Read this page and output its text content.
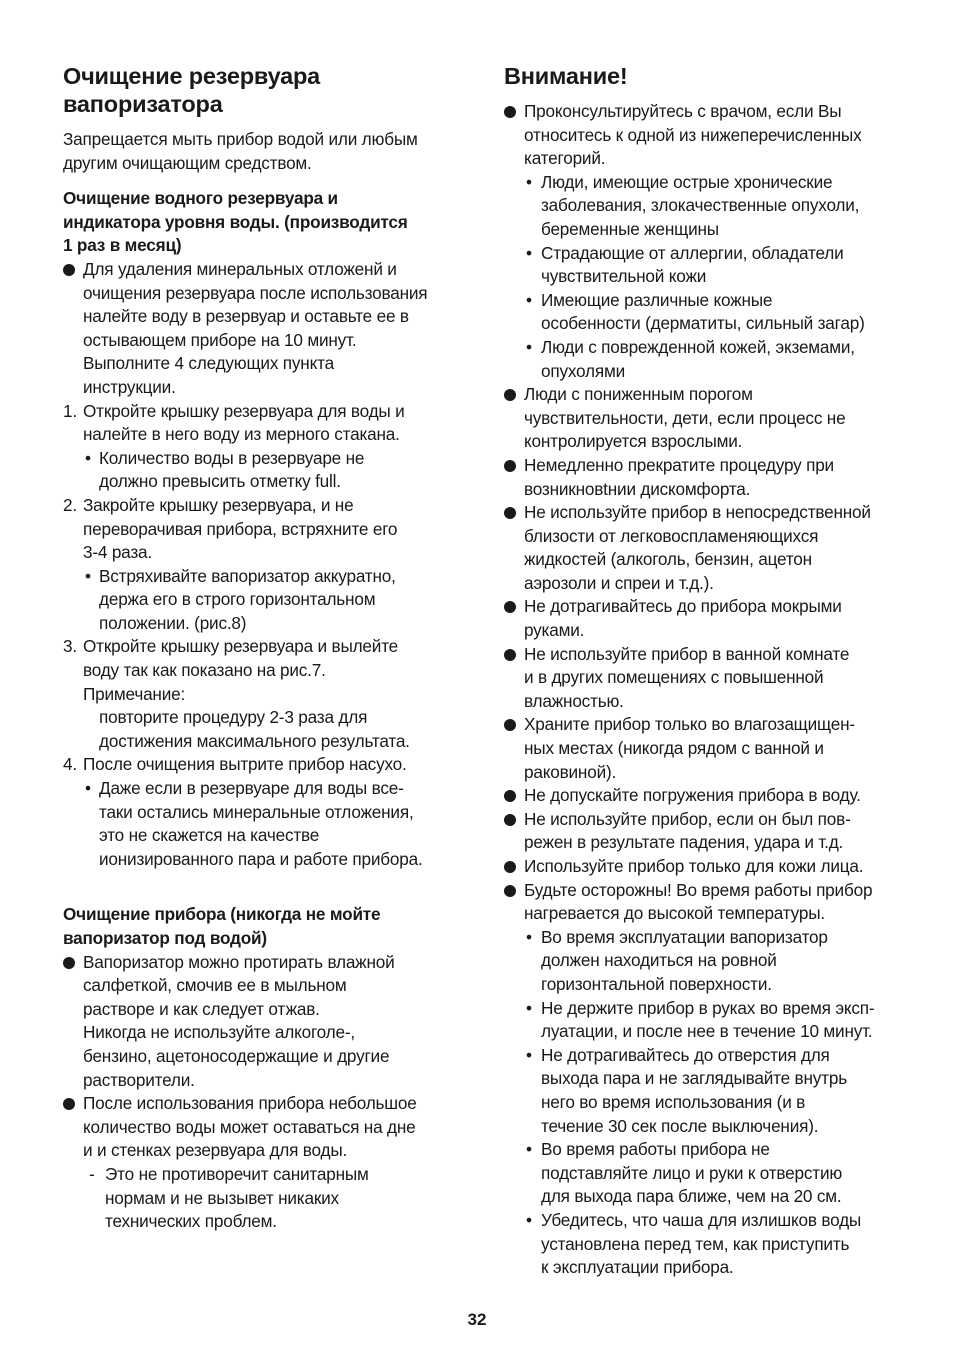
Очищение резервуара
вапоризатора
Запрещается мыть прибор водой или любым
другим очищающим средством.
Очищение водного резервуара и
индикатора уровня воды. (производится
1 раз в месяц)
Для удаления минеральных отложенй и
очищения резервуара после использования
налейте воду в резервуар и оставьте ее в
остывающем приборе на 10 минут.
Выполните 4 следующих пункта
инструкции.
1. Откройте крышку резервуара для воды и
налейте в него воду из мерного стакана.
• Количество воды в резервуаре не
должно превысить отметку full.
2. Закройте крышку резервуара, и не
переворачивая прибора, встряхните его
3-4 раза.
• Встряхивайте вапоризатор аккуратно,
держа его в строго горизонтальном
положении. (рис.8)
3. Откройте крышку резервуара и вылейте
воду так как показано на рис.7.
Примечание:
повторите процедуру 2-3 раза для
достижения максимального результата.
4. После очищения вытрите прибор насухо.
• Даже если в резервуаре для воды все-
таки остались минеральные отложения,
это не скажется на качестве
ионизированного пара и работе прибора.
Очищение прибора (никогда не мойте
вапоризатор под водой)
Вапоризатор можно протирать влажной
салфеткой, смочив ее в мыльном
растворе и как следует отжав.
Никогда не используйте алкоголе-,
бензино, ацетоносодержащие и другие
растворители.
После использования прибора небольшое
количество воды может оставаться на дне
и и стенках резервуара для воды.
- Это не противоречит санитарным
нормам и не вызывет никаких
технических проблем.
Внимание!
Проконсультируйтесь с врачом, если Вы
относитесь к одной из нижеперечисленных
категорий.
• Люди, имеющие острые хронические
заболевания, злокачественные опухоли,
беременные женщины
• Страдающие от аллергии, обладатели
чувствительной кожи
• Имеющие различные кожные
особенности (дерматиты, сильный загар)
• Люди с поврежденной кожей, экземами,
опухолями
Люди с пониженным порогом
чувствительности, дети, если процесс не
контролируется взрослыми.
Немедленно прекратите процедуру при
возникновtнии дискомфорта.
Не используйте прибор в непосредственной
близости от легковоспламеняющихся
жидкостей (алкоголь, бензин, ацетон
аэрозоли и спреи и т.д.).
Не дотрагивайтесь до прибора мокрыми
руками.
Не используйте прибор в ванной комнате
и в других помещениях с повышенной
влажностью.
Храните прибор только во влагозащищен-
ных местах (никогда рядом с ванной и
раковиной).
Не допускайте погружения прибора в воду.
Не используйте прибор, если он был пов-
режен в результате падения, удара и т.д.
Используйте прибор только для кожи лица.
Будьте осторожны! Во время работы прибор
нагревается до высокой температуры.
• Во время эксплуатации вапоризатор
должен находиться на ровной
горизонтальной поверхности.
• Не держите прибор в руках во время эксп-
луатации, и после нее в течение 10 минут.
• Не дотрагивайтесь до отверстия для
выхода пара и не заглядывайте внутрь
него во время использования (и в
течение 30 сек после выключения).
• Во время работы прибора не
подставляйте лицо и руки к отверстию
для выхода пара ближе, чем на 20 см.
• Убедитесь, что чаша для излишков воды
установлена перед тем, как приступить
к эксплуатации прибора.
32
